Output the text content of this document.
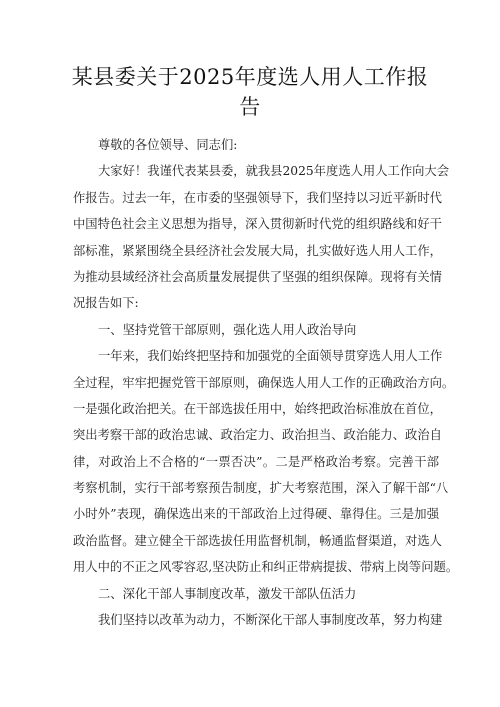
某县委关于2025年度选人用人工作报
告
尊敬的各位领导、同志们:
大家好！我谨代表某县委，就我县2025年度选人用人工作向大会
作报告。过去一年，在市委的坚强领导下，我们坚持以习近平新时代
中国特色社会主义思想为指导，深入贯彻新时代党的组织路线和好干
部标准，紧紧围绕全县经济社会发展大局，扎实做好选人用人工作，
为推动县域经济社会高质量发展提供了坚强的组织保障。现将有关情
况报告如下:
一、坚持党管干部原则，强化选人用人政治导向
一年来，我们始终把坚持和加强党的全面领导贯穿选人用人工作
全过程，牢牢把握党管干部原则，确保选人用人工作的正确政治方向。
一是强化政治把关。在干部选拔任用中，始终把政治标准放在首位，
突出考察干部的政治忠诚、政治定力、政治担当、政治能力、政治自
律，对政治上不合格的“一票否决”。二是严格政治考察。完善干部
考察机制，实行干部考察预告制度，扩大考察范围，深入了解干部“八
小时外”表现，确保选出来的干部政治上过得硬、靠得住。三是加强
政治监督。建立健全干部选拔任用监督机制，畅通监督渠道，对选人
用人中的不正之风零容忍,坚决防止和纠正带病提拔、带病上岗等问题。
二、深化干部人事制度改革，激发干部队伍活力
我们坚持以改革为动力，不断深化干部人事制度改革，努力构建
